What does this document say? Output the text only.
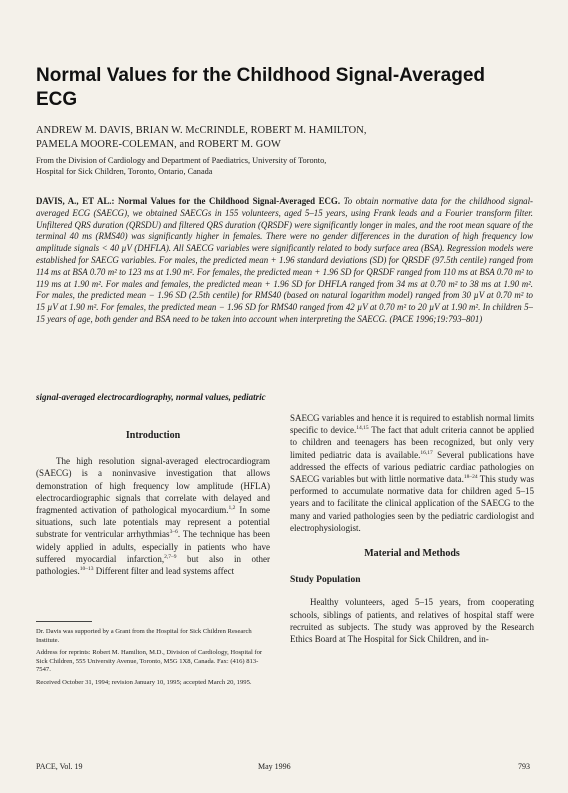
Normal Values for the Childhood Signal-Averaged ECG
ANDREW M. DAVIS, BRIAN W. McCRINDLE, ROBERT M. HAMILTON,
PAMELA MOORE-COLEMAN, and ROBERT M. GOW
From the Division of Cardiology and Department of Paediatrics, University of Toronto,
Hospital for Sick Children, Toronto, Ontario, Canada
DAVIS, A., ET AL.: Normal Values for the Childhood Signal-Averaged ECG. To obtain normative data for the childhood signal-averaged ECG (SAECG), we obtained SAECGs in 155 volunteers, aged 5–15 years, using Frank leads and a Fourier transform filter. Unfiltered QRS duration (QRSDU) and filtered QRS duration (QRSDF) were significantly longer in males, and the root mean square of the terminal 40 ms (RMS40) was significantly higher in females. There were no gender differences in the duration of high frequency low amplitude signals < 40 µV (DHFLA). All SAECG variables were significantly related to body surface area (BSA). Regression models were established for SAECG variables. For males, the predicted mean + 1.96 standard deviations (SD) for QRSDF (97.5th centile) ranged from 114 ms at BSA 0.70 m² to 123 ms at 1.90 m². For females, the predicted mean + 1.96 SD for QRSDF ranged from 110 ms at BSA 0.70 m² to 119 ms at 1.90 m². For males and females, the predicted mean + 1.96 SD for DHFLA ranged from 34 ms at 0.70 m² to 38 ms at 1.90 m². For males, the predicted mean − 1.96 SD (2.5th centile) for RMS40 (based on natural logarithm model) ranged from 30 µV at 0.70 m² to 15 µV at 1.90 m². For females, the predicted mean − 1.96 SD for RMS40 ranged from 42 µV at 0.70 m² to 20 µV at 1.90 m². In children 5–15 years of age, both gender and BSA need to be taken into account when interpreting the SAECG. (PACE 1996;19:793–801)
signal-averaged electrocardiography, normal values, pediatric
Introduction

The high resolution signal-averaged electrocardiogram (SAECG) is a noninvasive investigation that allows demonstration of high frequency low amplitude (HFLA) electrocardiographic signals that correlate with delayed and fragmented activation of pathological myocardium.$^{1,2}$ In some situations, such late potentials may represent a potential substrate for ventricular arrhythmias$^{3-6}$. The technique has been widely applied in adults, especially in patients who have suffered myocardial infarction,$^{2,7-9}$ but also in other pathologies.$^{10-13}$ Different filter and lead systems affect

Dr. Davis was supported by a Grant from the Hospital for Sick Children Research Institute.

Address for reprints: Robert M. Hamilton, M.D., Division of Cardiology, Hospital for Sick Children, 555 University Avenue, Toronto, M5G 1X8, Canada. Fax: (416) 813-7547.

Received October 31, 1994; revision January 10, 1995; accepted March 20, 1995.

SAECG variables and hence it is required to establish normal limits specific to device.$^{14,15}$ The fact that adult criteria cannot be applied to children and teenagers has been recognized, but only very limited pediatric data is available.$^{16,17}$ Several publications have addressed the effects of various pediatric cardiac pathologies on SAECG variables but with little normative data.$^{18-24}$ This study was performed to accumulate normative data for children aged 5–15 years and to facilitate the clinical application of the SAECG to the many and varied pathologies seen by the pediatric cardiologist and electrophysiologist.

Material and Methods
Study Population

Healthy volunteers, aged 5–15 years, from cooperating schools, siblings of patients, and relatives of hospital staff were recruited as subjects. The study was approved by the Research Ethics Board at The Hospital for Sick Children, and in-

PACE, Vol. 19	May 1996	793
